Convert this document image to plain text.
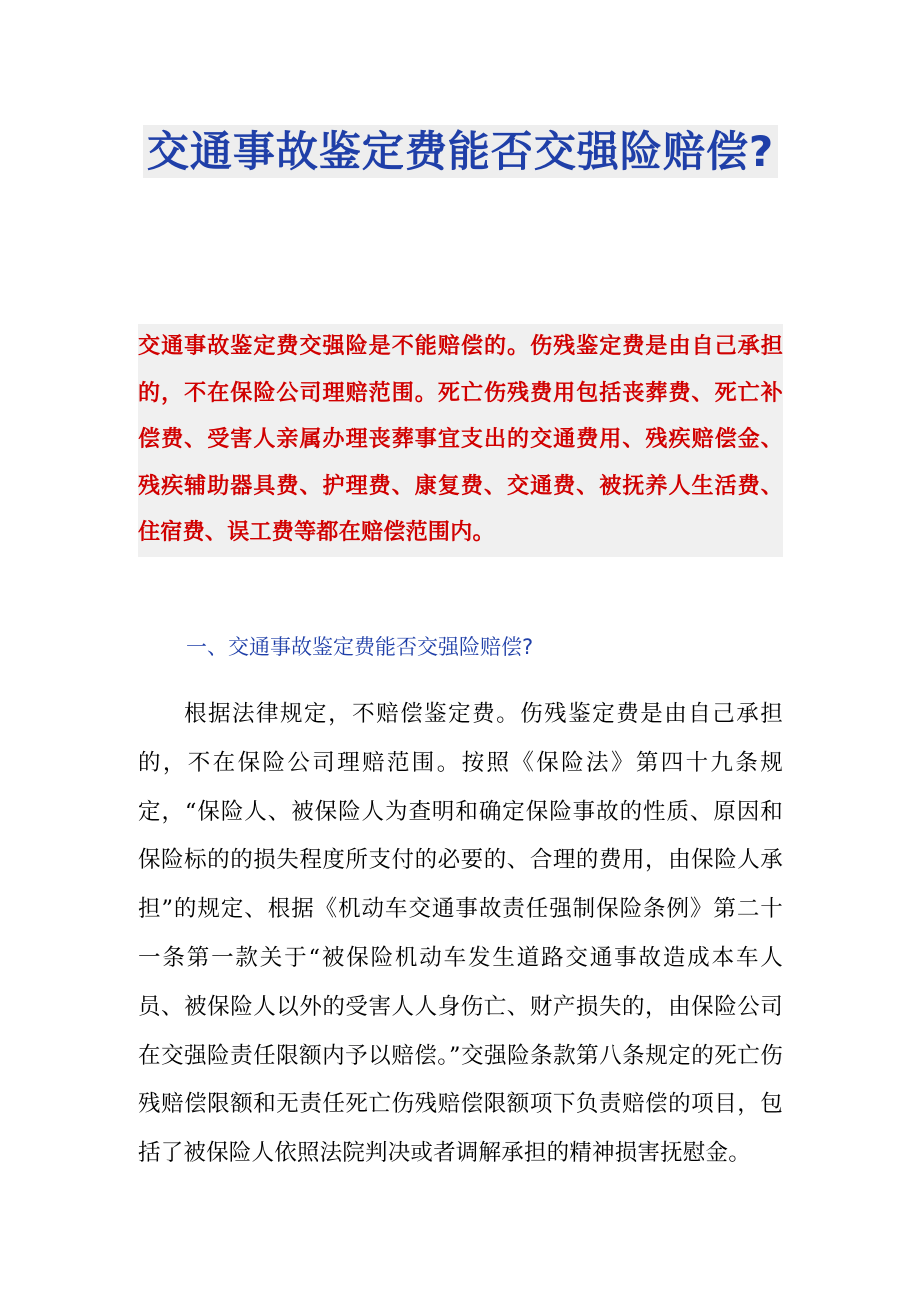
交通事故鉴定费能否交强险赔偿?
交通事故鉴定费交强险是不能赔偿的。伤残鉴定费是由自己承担的，不在保险公司理赔范围。死亡伤残费用包括丧葬费、死亡补偿费、受害人亲属办理丧葬事宜支出的交通费用、残疾赔偿金、残疾辅助器具费、护理费、康复费、交通费、被抚养人生活费、住宿费、误工费等都在赔偿范围内。
一、交通事故鉴定费能否交强险赔偿?
根据法律规定，不赔偿鉴定费。伤残鉴定费是由自己承担的，不在保险公司理赔范围。按照《保险法》第四十九条规定，“保险人、被保险人为查明和确定保险事故的性质、原因和保险标的的损失程度所支付的必要的、合理的费用，由保险人承担”的规定、根据《机动车交通事故责任强制保险条例》第二十一条第一款关于“被保险机动车发生道路交通事故造成本车人员、被保险人以外的受害人人身伤亡、财产损失的，由保险公司在交强险责任限额内予以赔偿。”交强险条款第八条规定的死亡伤残赔偿限额和无责任死亡伤残赔偿限额项下负责赔偿的项目，包括了被保险人依照法院判决或者调解承担的精神损害抚慰金。
